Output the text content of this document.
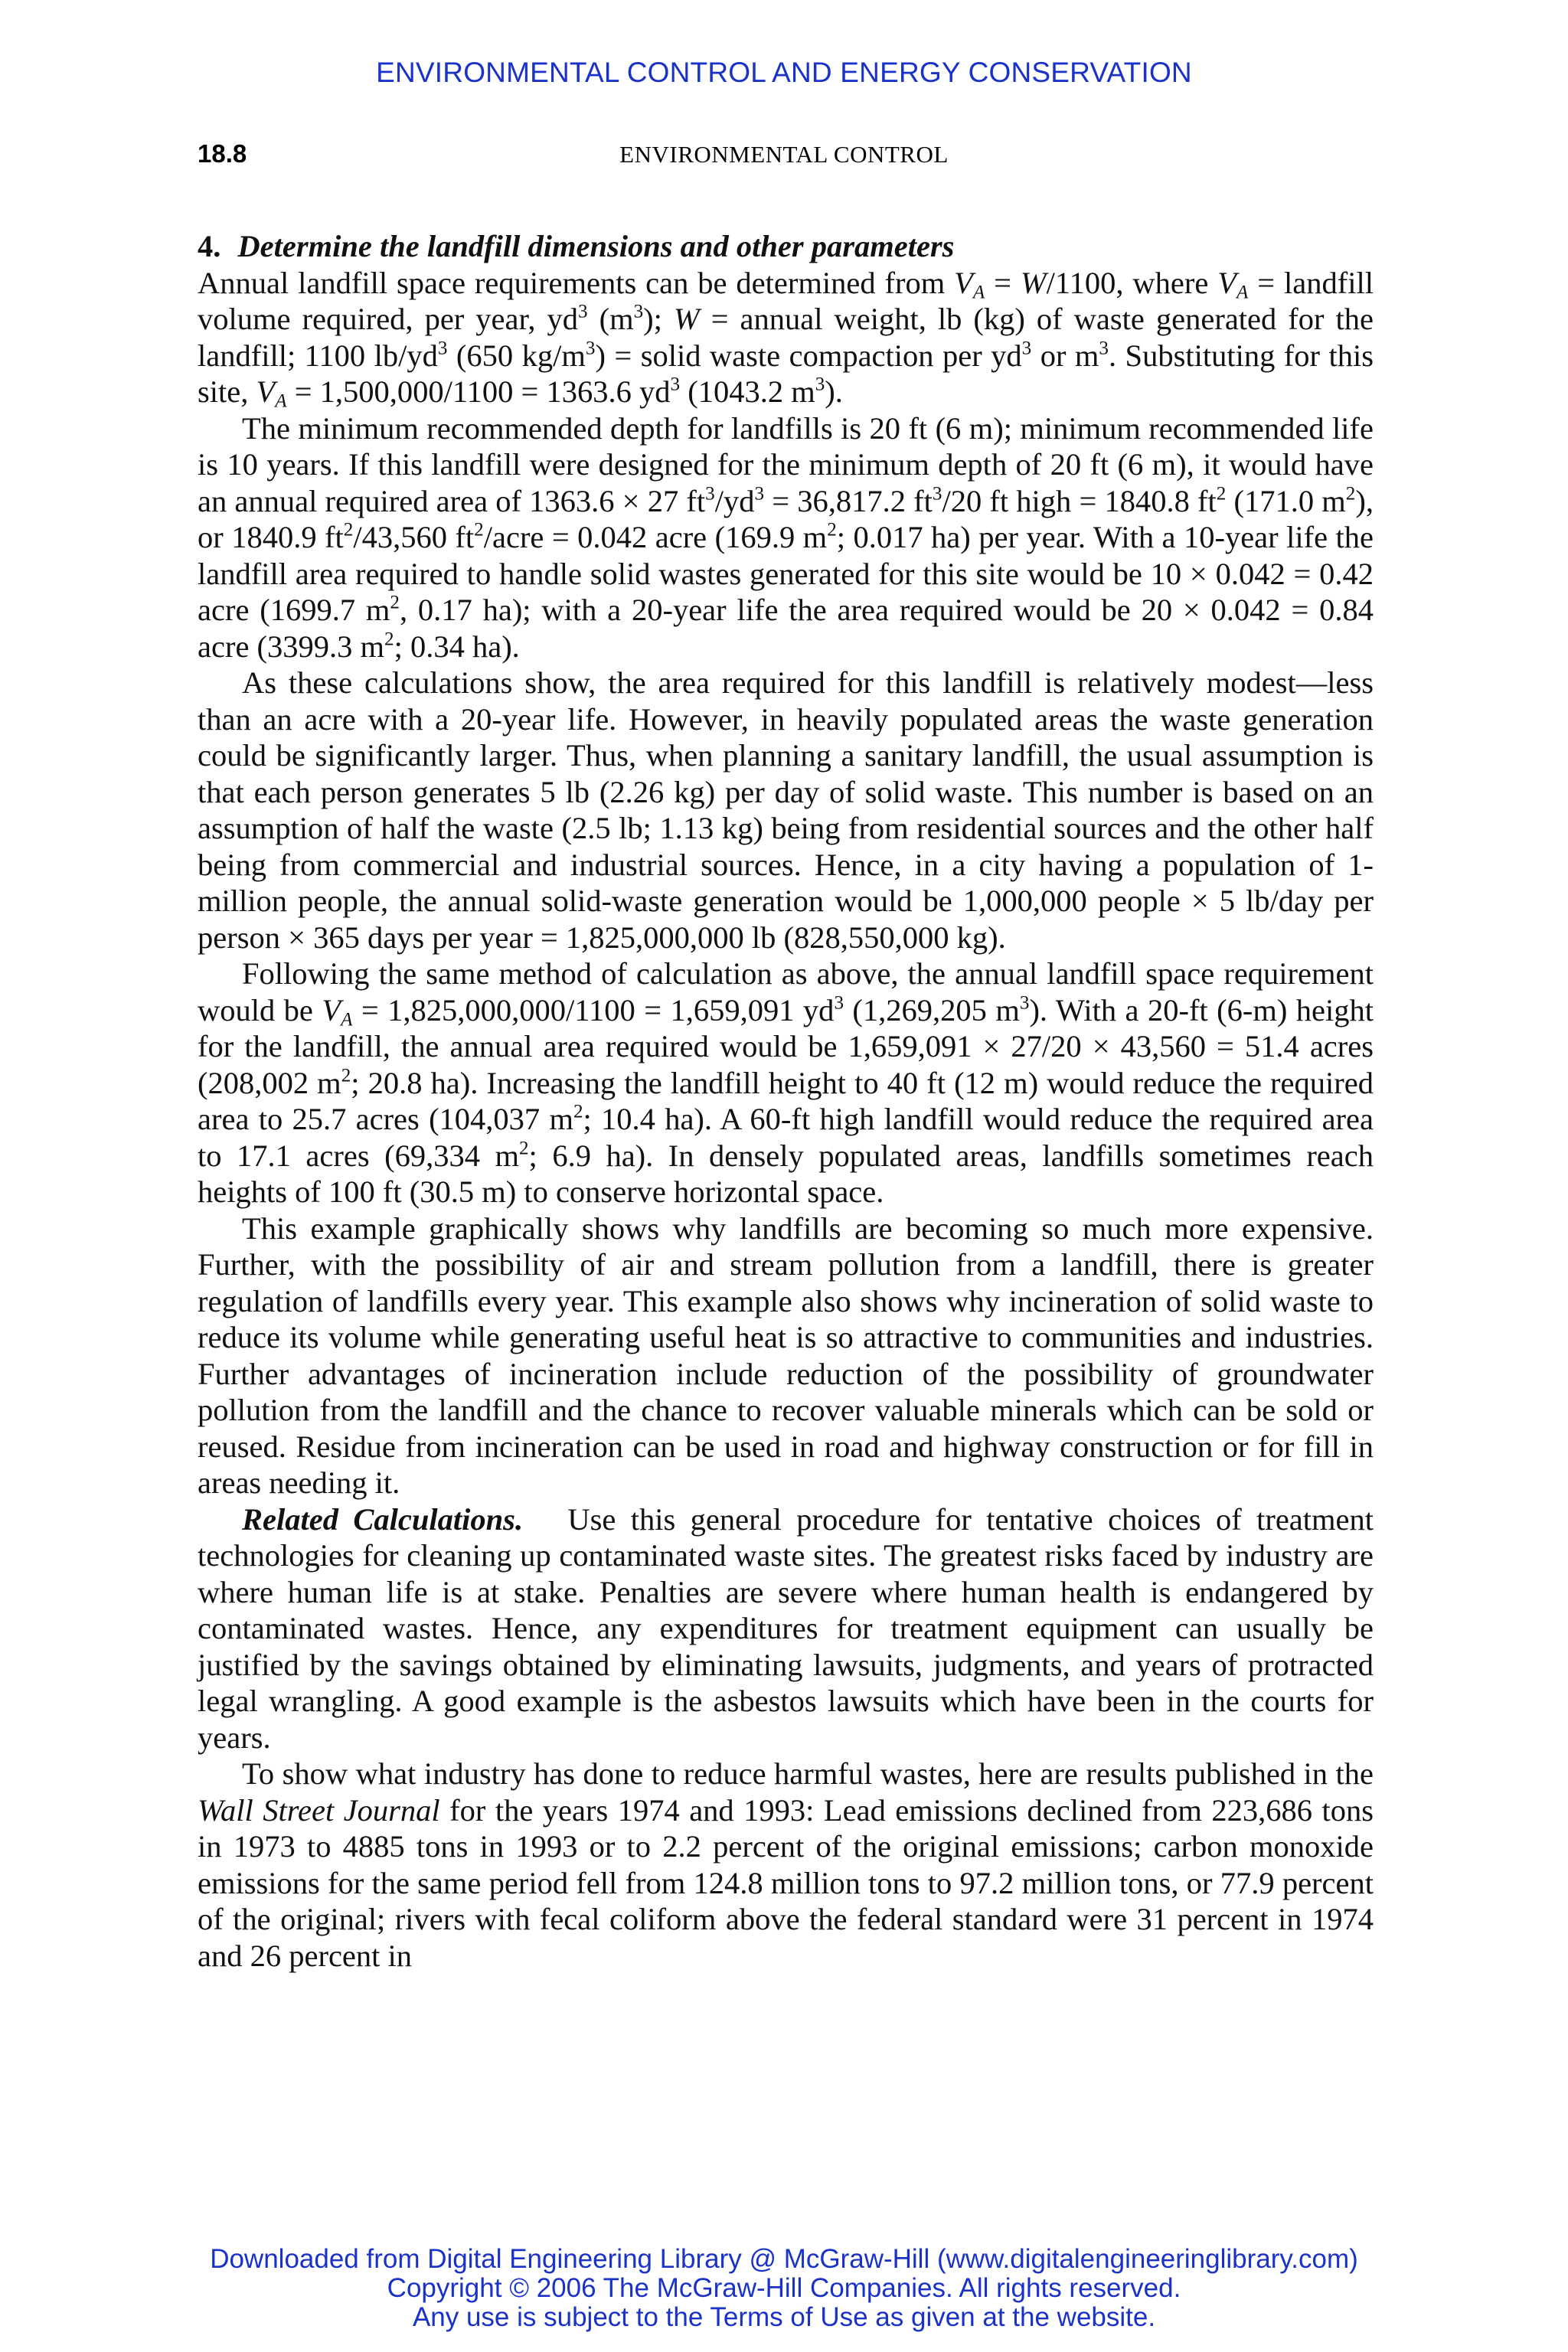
ENVIRONMENTAL CONTROL AND ENERGY CONSERVATION
18.8	ENVIRONMENTAL CONTROL

4. Determine the landfill dimensions and other parameters

Annual landfill space requirements can be determined from $V_A = W/1100$, where $V_A$ = landfill volume required, per year, $yd^3$ $(m^3)$; W = annual weight, lb (kg) of waste generated for the landfill; 1100 $lb/yd^3$ (650 $kg/m^3$) = solid waste compaction per $yd^3$ or $m^3$. Substituting for this site, $V_A = 1,500,000/1100 = 1363.6$ $yd^3$ (1043.2 $m^3$).

The minimum recommended depth for landfills is 20 ft (6 m); minimum recommended life is 10 years. If this landfill were designed for the minimum depth of 20 ft (6 m), it would have an annual required area of 1363.6 × 27 $ft^3/yd^3 = 36,817.2$ $ft^3/20$ ft high = 1840.8 $ft^2$ (171.0 $m^2$), or 1840.9 $ft^2/43,560$ $ft^2$/acre = 0.042 acre (169.9 $m^2$; 0.017 ha) per year. With a 10-year life the landfill area required to handle solid wastes generated for this site would be 10 × 0.042 = 0.42 acre (1699.7 $m^2$, 0.17 ha); with a 20-year life the area required would be 20 × 0.042 = 0.84 acre (3399.3 $m^2$; 0.34 ha).

As these calculations show, the area required for this landfill is relatively modest—less than an acre with a 20-year life. However, in heavily populated areas the waste generation could be significantly larger. Thus, when planning a sanitary landfill, the usual assumption is that each person generates 5 lb (2.26 kg) per day of solid waste. This number is based on an assumption of half the waste (2.5 lb; 1.13 kg) being from residential sources and the other half being from commercial and industrial sources. Hence, in a city having a population of 1-million people, the annual solid-waste generation would be 1,000,000 people × 5 lb/day per person × 365 days per year = 1,825,000,000 lb (828,550,000 kg).

Following the same method of calculation as above, the annual landfill space requirement would be $V_A = 1,825,000,000/1100 = 1,659,091$ $yd^3$ (1,269,205 $m^3$). With a 20-ft (6-m) height for the landfill, the annual area required would be 1,659,091 × 27/20 × 43,560 = 51.4 acres (208,002 $m^2$; 20.8 ha). Increasing the landfill height to 40 ft (12 m) would reduce the required area to 25.7 acres (104,037 $m^2$; 10.4 ha). A 60-ft high landfill would reduce the required area to 17.1 acres (69,334 $m^2$; 6.9 ha). In densely populated areas, landfills sometimes reach heights of 100 ft (30.5 m) to conserve horizontal space.

This example graphically shows why landfills are becoming so much more expensive. Further, with the possibility of air and stream pollution from a landfill, there is greater regulation of landfills every year. This example also shows why incineration of solid waste to reduce its volume while generating useful heat is so attractive to communities and industries. Further advantages of incineration include reduction of the possibility of groundwater pollution from the landfill and the chance to recover valuable minerals which can be sold or reused. Residue from incineration can be used in road and highway construction or for fill in areas needing it.

Related Calculations. Use this general procedure for tentative choices of treatment technologies for cleaning up contaminated waste sites. The greatest risks faced by industry are where human life is at stake. Penalties are severe where human health is endangered by contaminated wastes. Hence, any expenditures for treatment equipment can usually be justified by the savings obtained by eliminating lawsuits, judgments, and years of protracted legal wrangling. A good example is the asbestos lawsuits which have been in the courts for years.

To show what industry has done to reduce harmful wastes, here are results published in the Wall Street Journal for the years 1974 and 1993: Lead emissions declined from 223,686 tons in 1973 to 4885 tons in 1993 or to 2.2 percent of the original emissions; carbon monoxide emissions for the same period fell from 124.8 million tons to 97.2 million tons, or 77.9 percent of the original; rivers with fecal coliform above the federal standard were 31 percent in 1974 and 26 percent in

Downloaded from Digital Engineering Library @ McGraw-Hill (www.digitalengineeringlibrary.com)
Copyright © 2006 The McGraw-Hill Companies. All rights reserved.
Any use is subject to the Terms of Use as given at the website.
